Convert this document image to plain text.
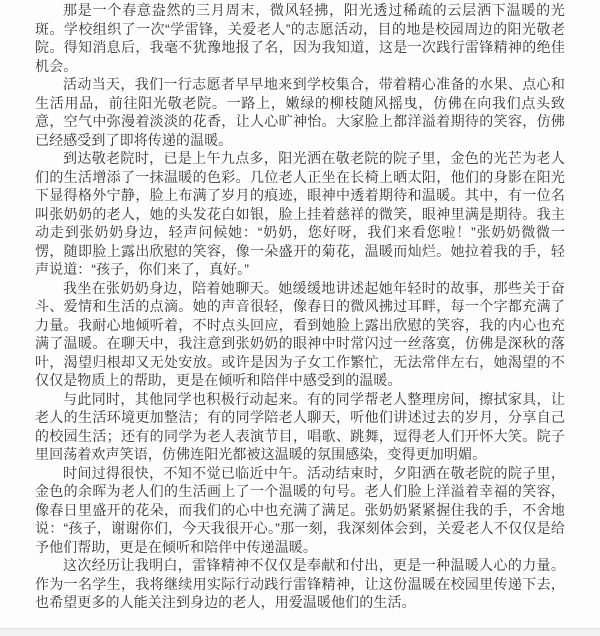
那是一个春意盎然的三月周末，微风轻拂，阳光透过稀疏的云层洒下温暖的光斑。学校组织了一次“学雷锋，关爱老人”的志愿活动，目的地是校园周边的阳光敬老院。得知消息后，我毫不犹豫地报了名，因为我知道，这是一次践行雷锋精神的绝佳机会。

活动当天，我们一行志愿者早早地来到学校集合，带着精心准备的水果、点心和生活用品，前往阳光敬老院。一路上，嫩绿的柳枝随风摇曳，仿佛在向我们点头致意，空气中弥漫着淡淡的花香，让人心旷神怡。大家脸上都洋溢着期待的笑容，仿佛已经感受到了即将传递的温暖。

到达敬老院时，已是上午九点多，阳光洒在敬老院的院子里，金色的光芒为老人们的生活增添了一抹温暖的色彩。几位老人正坐在长椅上晒太阳，他们的身影在阳光下显得格外宁静，脸上布满了岁月的痕迹，眼神中透着期待和温暖。其中，有一位名叫张奶奶的老人，她的头发花白如银，脸上挂着慈祥的微笑，眼神里满是期待。我主动走到张奶奶身边，轻声问候她：“奶奶，您好呀，我们来看您啦！”张奶奶微微一愣，随即脸上露出欣慰的笑容，像一朵盛开的菊花，温暖而灿烂。她拉着我的手，轻声说道：“孩子，你们来了，真好。”

我坐在张奶奶身边，陪着她聊天。她缓缓地讲述起她年轻时的故事，那些关于奋斗、爱情和生活的点滴。她的声音很轻，像春日的微风拂过耳畔，每一个字都充满了力量。我耐心地倾听着，不时点头回应，看到她脸上露出欣慰的笑容，我的内心也充满了温暖。在聊天中，我注意到张奶奶的眼神中时常闪过一丝落寞，仿佛是深秋的落叶，渴望归根却又无处安放。或许是因为子女工作繁忙，无法常伴左右，她渴望的不仅仅是物质上的帮助，更是在倾听和陪伴中感受到的温暖。

与此同时，其他同学也积极行动起来。有的同学帮老人整理房间，擦拭家具，让老人的生活环境更加整洁；有的同学陪老人聊天，听他们讲述过去的岁月，分享自己的校园生活；还有的同学为老人表演节目，唱歌、跳舞，逗得老人们开怀大笑。院子里回荡着欢声笑语，仿佛连阳光都被这温暖的氛围感染，变得更加明媚。

时间过得很快，不知不觉已临近中午。活动结束时，夕阳洒在敬老院的院子里，金色的余晖为老人们的生活画上了一个温暖的句号。老人们脸上洋溢着幸福的笑容，像春日里盛开的花朵，而我们的心中也充满了满足。张奶奶紧紧握住我的手，不舍地说：“孩子，谢谢你们，今天我很开心。”那一刻，我深刻体会到，关爱老人不仅仅是给予他们帮助，更是在倾听和陪伴中传递温暖。

这次经历让我明白，雷锋精神不仅仅是奉献和付出，更是一种温暖人心的力量。作为一名学生，我将继续用实际行动践行雷锋精神，让这份温暖在校园里传递下去，也希望更多的人能关注到身边的老人，用爱温暖他们的生活。
